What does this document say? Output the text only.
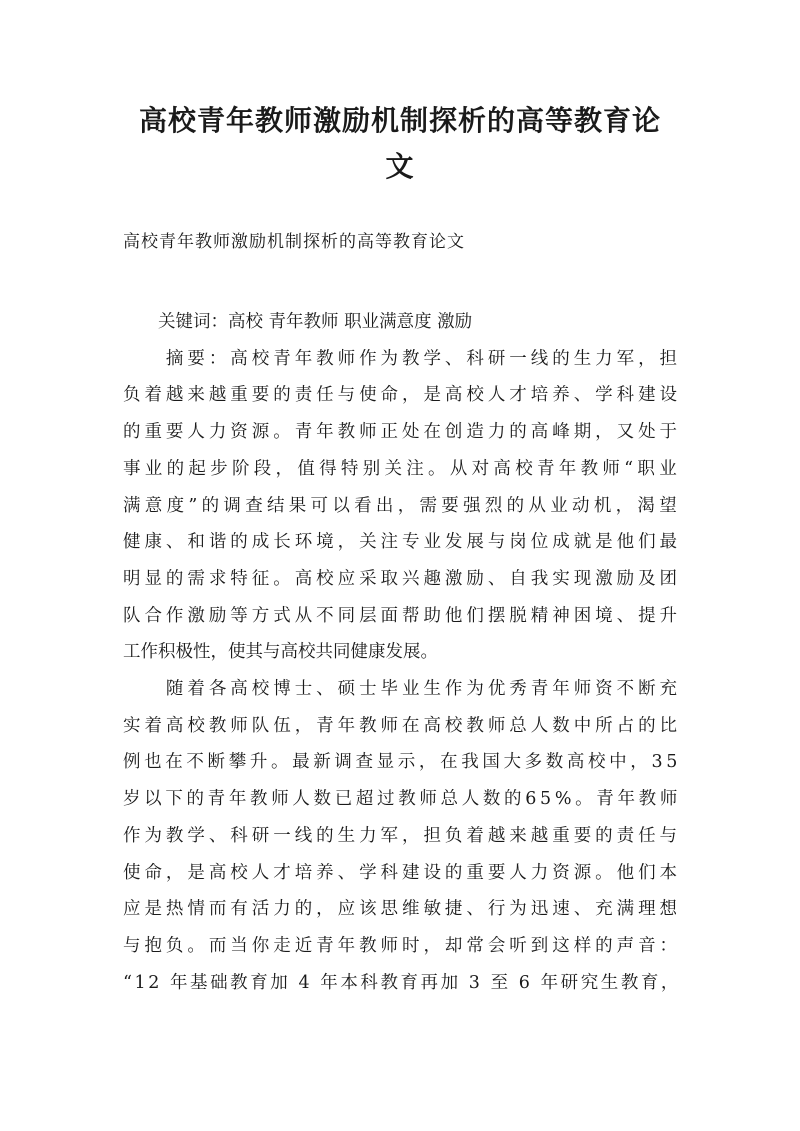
高校青年教师激励机制探析的高等教育论
文

高校青年教师激励机制探析的高等教育论文

　　关键词：高校 青年教师 职业满意度 激励

　　摘要：高校青年教师作为教学、科研一线的生力军，担

负着越来越重要的责任与使命，是高校人才培养、学科建设

的重要人力资源。青年教师正处在创造力的高峰期，又处于

事业的起步阶段，值得特别关注。从对高校青年教师“职业

满意度”的调查结果可以看出，需要强烈的从业动机，渴望

健康、和谐的成长环境，关注专业发展与岗位成就是他们最

明显的需求特征。高校应采取兴趣激励、自我实现激励及团

队合作激励等方式从不同层面帮助他们摆脱精神困境、提升

工作积极性，使其与高校共同健康发展。

　　随着各高校博士、硕士毕业生作为优秀青年师资不断充

实着高校教师队伍，青年教师在高校教师总人数中所占的比

例也在不断攀升。最新调查显示，在我国大多数高校中，35

岁以下的青年教师人数已超过教师总人数的65%。青年教师

作为教学、科研一线的生力军，担负着越来越重要的责任与

使命，是高校人才培养、学科建设的重要人力资源。他们本

应是热情而有活力的，应该思维敏捷、行为迅速、充满理想

与抱负。而当你走近青年教师时，却常会听到这样的声音：

“12 年基础教育加 4 年本科教育再加 3 至 6 年研究生教育，
